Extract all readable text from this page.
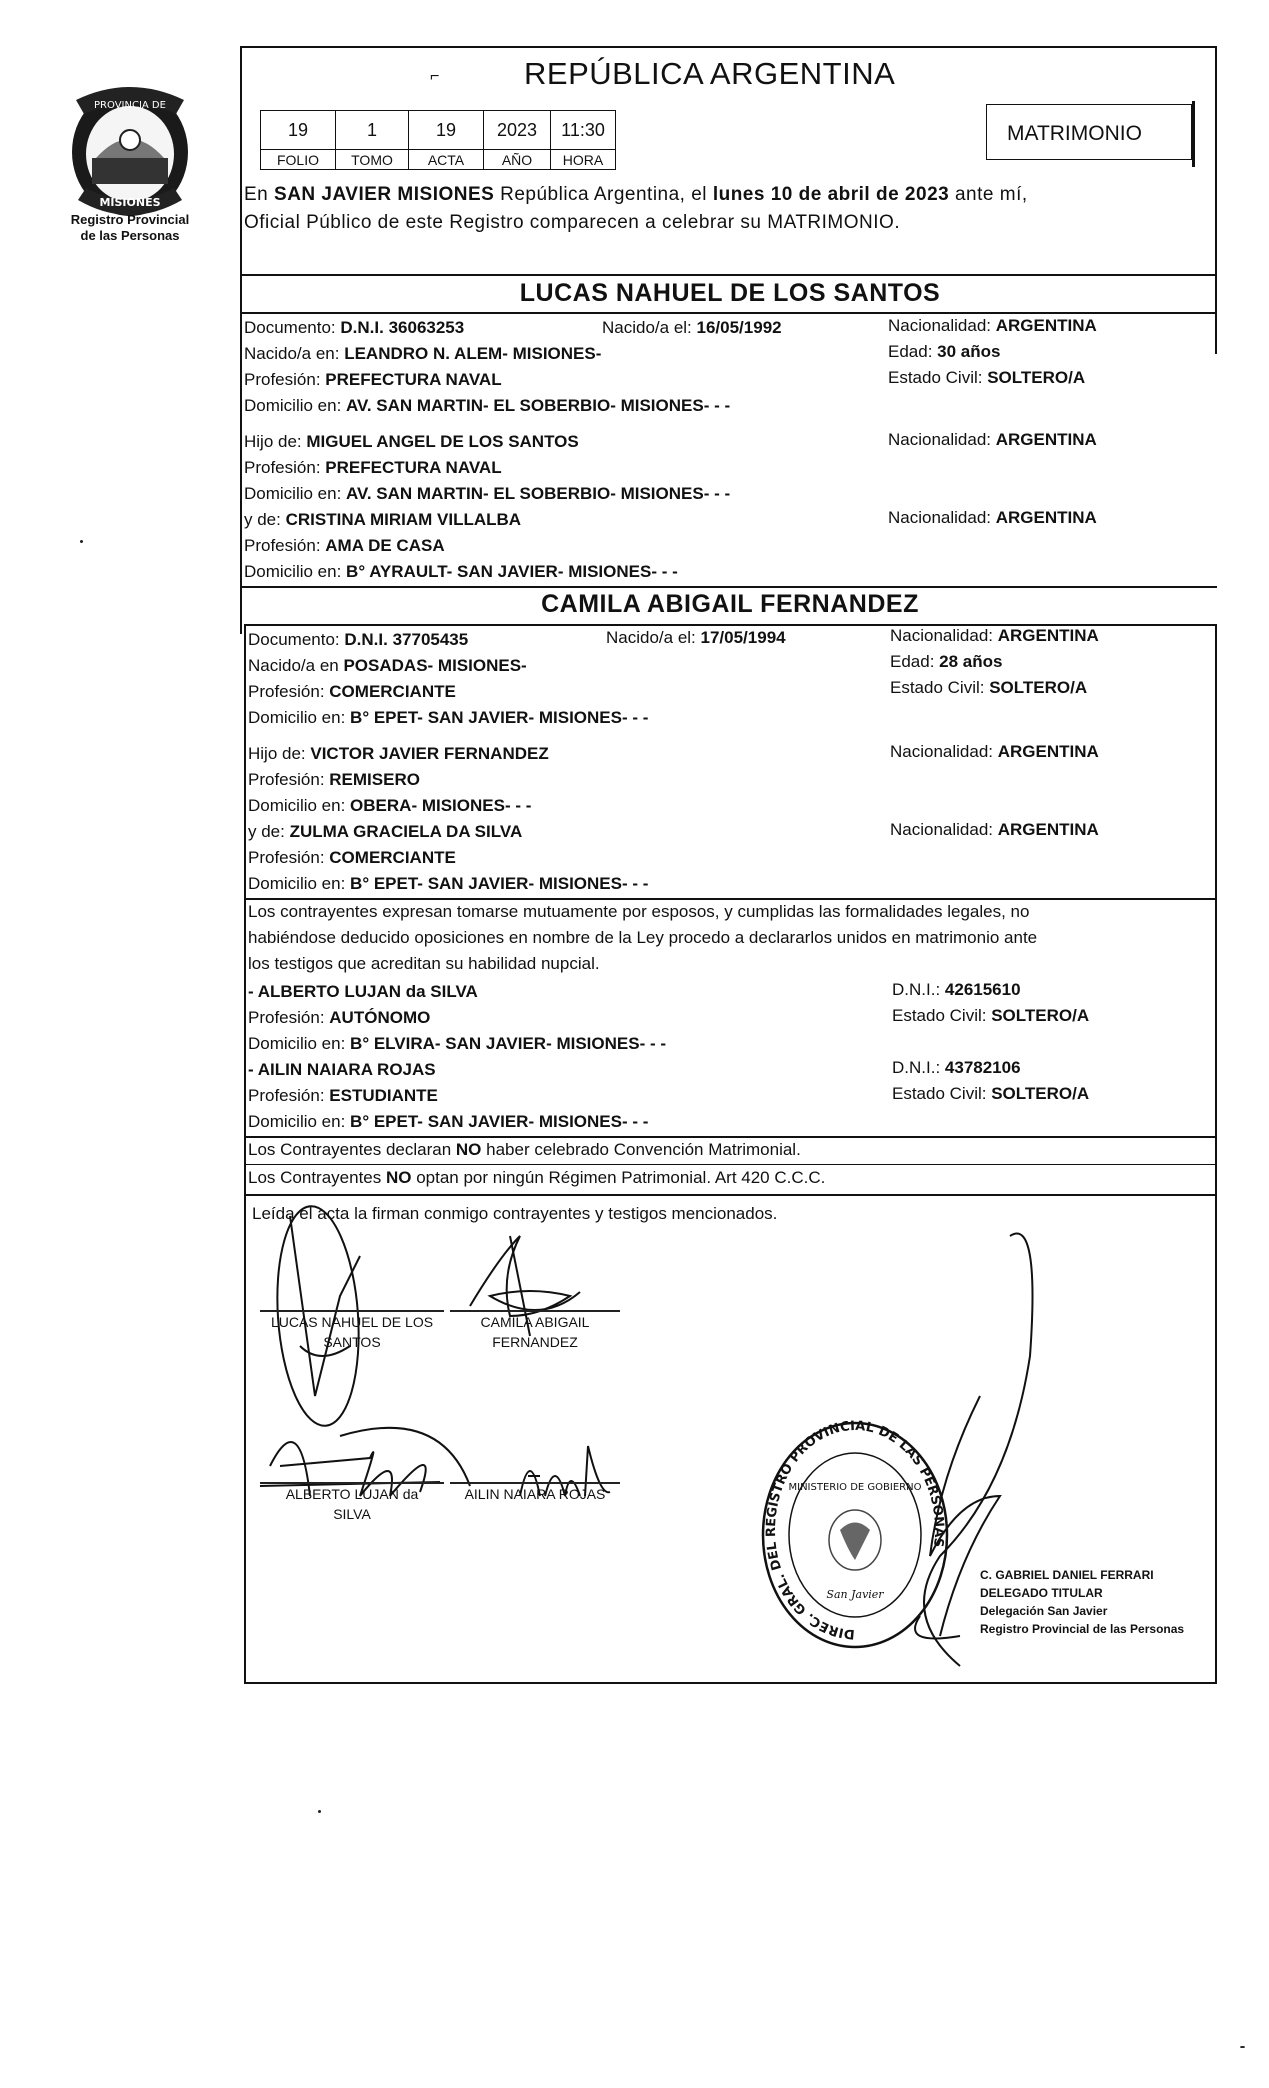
PROVINCIA DE
MISIONES
Registro Provincial
de las Personas
REPÚBLICA ARGENTINA
⌐
19	1	19	2023	11:30
FOLIO	TOMO	ACTA	AÑO	HORA
MATRIMONIO
En SAN JAVIER MISIONES República Argentina, el lunes 10 de abril de 2023 ante mí,
Oficial Público de este Registro comparecen a celebrar su MATRIMONIO.
LUCAS NAHUEL DE LOS SANTOS
Documento: D.N.I. 36063253	Nacido/a el: 16/05/1992	Nacionalidad: ARGENTINA
Nacido/a en: LEANDRO N. ALEM- MISIONES-	Edad: 30 años
Profesión: PREFECTURA NAVAL	Estado Civil: SOLTERO/A
Domicilio en: AV. SAN MARTIN- EL SOBERBIO- MISIONES- - -
Hijo de: MIGUEL ANGEL DE LOS SANTOS	Nacionalidad: ARGENTINA
Profesión: PREFECTURA NAVAL
Domicilio en: AV. SAN MARTIN- EL SOBERBIO- MISIONES- - -
y de: CRISTINA MIRIAM VILLALBA	Nacionalidad: ARGENTINA
Profesión: AMA DE CASA
Domicilio en: B° AYRAULT- SAN JAVIER- MISIONES- - -
CAMILA ABIGAIL FERNANDEZ
Documento: D.N.I. 37705435	Nacido/a el: 17/05/1994	Nacionalidad: ARGENTINA
Nacido/a en POSADAS- MISIONES-	Edad: 28 años
Profesión: COMERCIANTE	Estado Civil: SOLTERO/A
Domicilio en: B° EPET- SAN JAVIER- MISIONES- - -
Hijo de: VICTOR JAVIER FERNANDEZ	Nacionalidad: ARGENTINA
Profesión: REMISERO
Domicilio en: OBERA- MISIONES- - -
y de: ZULMA GRACIELA DA SILVA	Nacionalidad: ARGENTINA
Profesión: COMERCIANTE
Domicilio en: B° EPET- SAN JAVIER- MISIONES- - -
Los contrayentes expresan tomarse mutuamente por esposos, y cumplidas las formalidades legales, no
habiéndose deducido oposiciones en nombre de la Ley procedo a declararlos unidos en matrimonio ante
los testigos que acreditan su habilidad nupcial.
- ALBERTO LUJAN da SILVA	D.N.I.: 42615610
Profesión: AUTÓNOMO	Estado Civil: SOLTERO/A
Domicilio en: B° ELVIRA- SAN JAVIER- MISIONES- - -
- AILIN NAIARA ROJAS	D.N.I.: 43782106
Profesión: ESTUDIANTE	Estado Civil: SOLTERO/A
Domicilio en: B° EPET- SAN JAVIER- MISIONES- - -
Los Contrayentes declaran NO haber celebrado Convención Matrimonial.
Los Contrayentes NO optan por ningún Régimen Patrimonial. Art 420 C.C.C.
Leída el acta la firman conmigo contrayentes y testigos mencionados.
LUCAS NAHUEL DE LOS
SANTOS
CAMILA ABIGAIL
FERNANDEZ
ALBERTO LUJAN da
SILVA
AILIN NAIARA ROJAS
DIREC. GRAL. DEL REGISTRO PROVINCIAL DE LAS PERSONAS
MINISTERIO DE GOBIERNO
San Javier
C. GABRIEL DANIEL FERRARI
DELEGADO TITULAR
Delegación San Javier
Registro Provincial de las Personas
